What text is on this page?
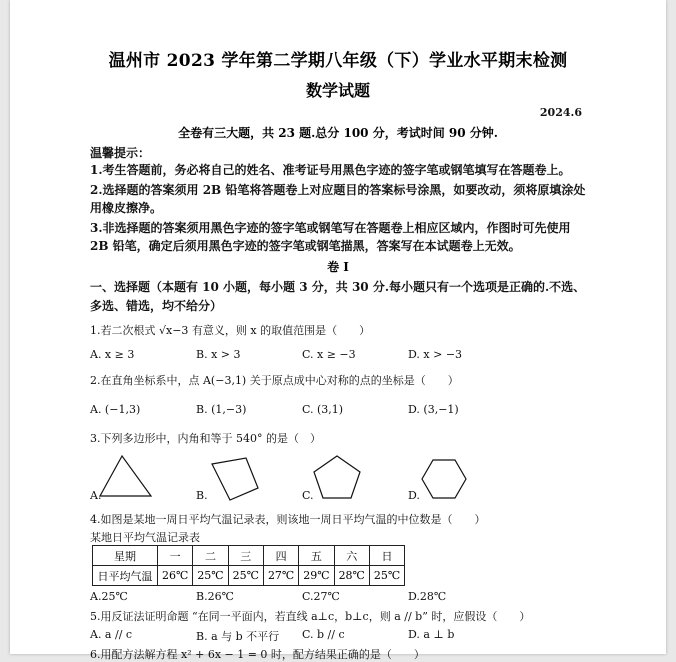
温州市 2023 学年第二学期八年级（下）学业水平期末检测
数学试题
2024.6
全卷有三大题，共 23 题.总分 100 分，考试时间 90 分钟.
温馨提示：
1.考生答题前，务必将自己的姓名、准考证号用黑色字迹的签字笔或钢笔填写在答题卷上。
2.选择题的答案须用 2B 铅笔将答题卷上对应题目的答案标号涂黑，如要改动，须将原填涂处
用橡皮擦净。
3.非选择题的答案须用黑色字迹的签字笔或钢笔写在答题卷上相应区域内，作图时可先使用
2B 铅笔，确定后须用黑色字迹的签字笔或钢笔描黑，答案写在本试题卷上无效。
卷 I
一、选择题（本题有 10 小题，每小题 3 分，共 30 分.每小题只有一个选项是正确的.不选、
多选、错选，均不给分）
1.若二次根式 √x−3 有意义，则 x 的取值范围是（　　）
A. x ≥ 3	B. x > 3	C. x ≥ −3	D. x > −3
2.在直角坐标系中，点 A(−3,1) 关于原点成中心对称的点的坐标是（　　）
A. (−1,3)	B. (1,−3)	C. (3,1)	D. (3,−1)
3.下列多边形中，内角和等于 540° 的是（　）
A.	B.	C.	D.
4.如图是某地一周日平均气温记录表，则该地一周日平均气温的中位数是（　　）
某地日平均气温记录表
星期	一	二	三	四	五	六	日
日平均气温	26℃	25℃	25℃	27℃	29℃	28℃	25℃
A.25℃	B.26℃	C.27℃	D.28℃
5.用反证法证明命题 “在同一平面内，若直线 a⊥c，b⊥c，则 a // b” 时，应假设（　　）
A. a // c	B. a 与 b 不平行 C. b // c	D. a ⊥ b
6.用配方法解方程 x² + 6x − 1 = 0 时，配方结果正确的是（　　）
